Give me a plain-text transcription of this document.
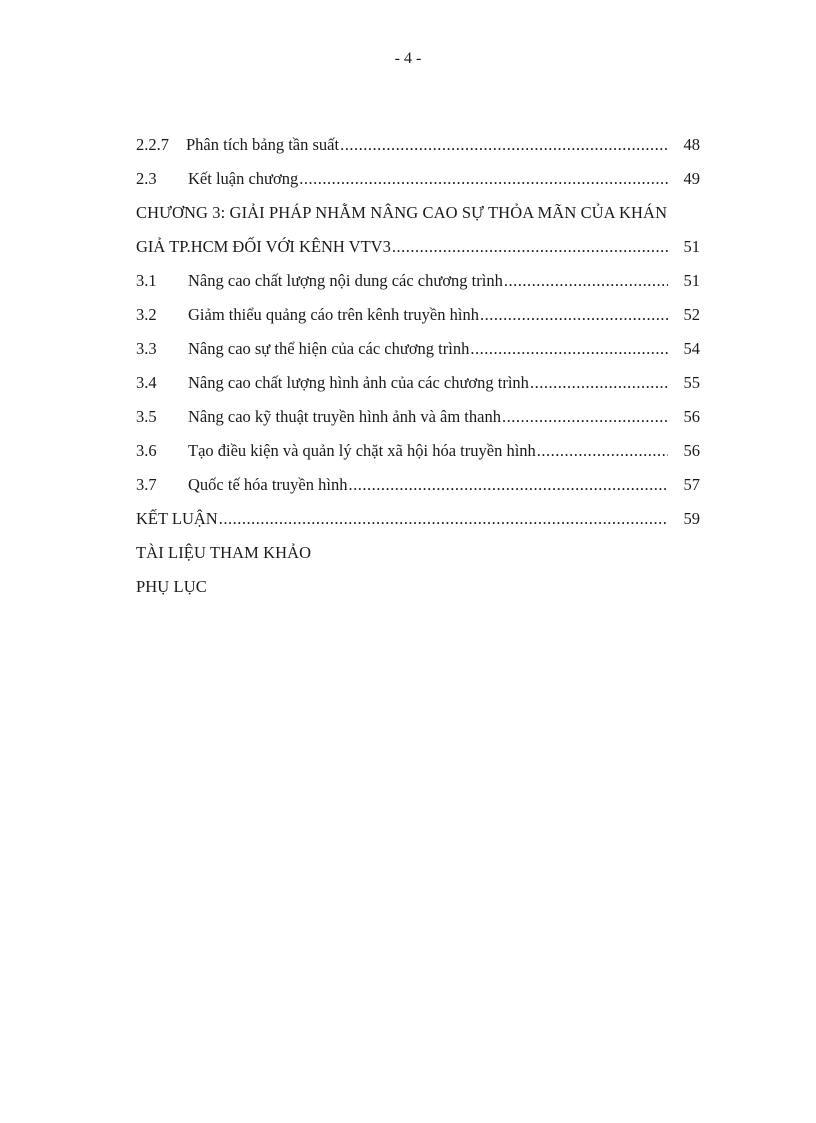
- 4 -
2.2.7	Phân tích bảng tần suất .....	48
2.3	Kết luận chương .....	49
CHƯƠNG 3: GIẢI PHÁP NHẰM NÂNG CAO SỰ THỎA MÃN CỦA KHÁN
GIẢ TP.HCM ĐỐI VỚI KÊNH VTV3 .....	51
3.1	Nâng cao chất lượng nội dung các chương trình .....	51
3.2	Giảm thiểu quảng cáo trên kênh truyền hình .....	52
3.3	Nâng cao sự thể hiện của các chương trình .....	54
3.4	Nâng cao chất lượng hình ảnh của các chương trình .....	55
3.5	Nâng cao kỹ thuật truyền hình ảnh và âm thanh .....	56
3.6	Tạo điều kiện và quản lý chặt xã hội hóa truyền hình .....	56
3.7	Quốc tế hóa truyền hình .....	57
KẾT LUẬN .....	59
TÀI LIỆU THAM KHẢO
PHỤ LỤC
